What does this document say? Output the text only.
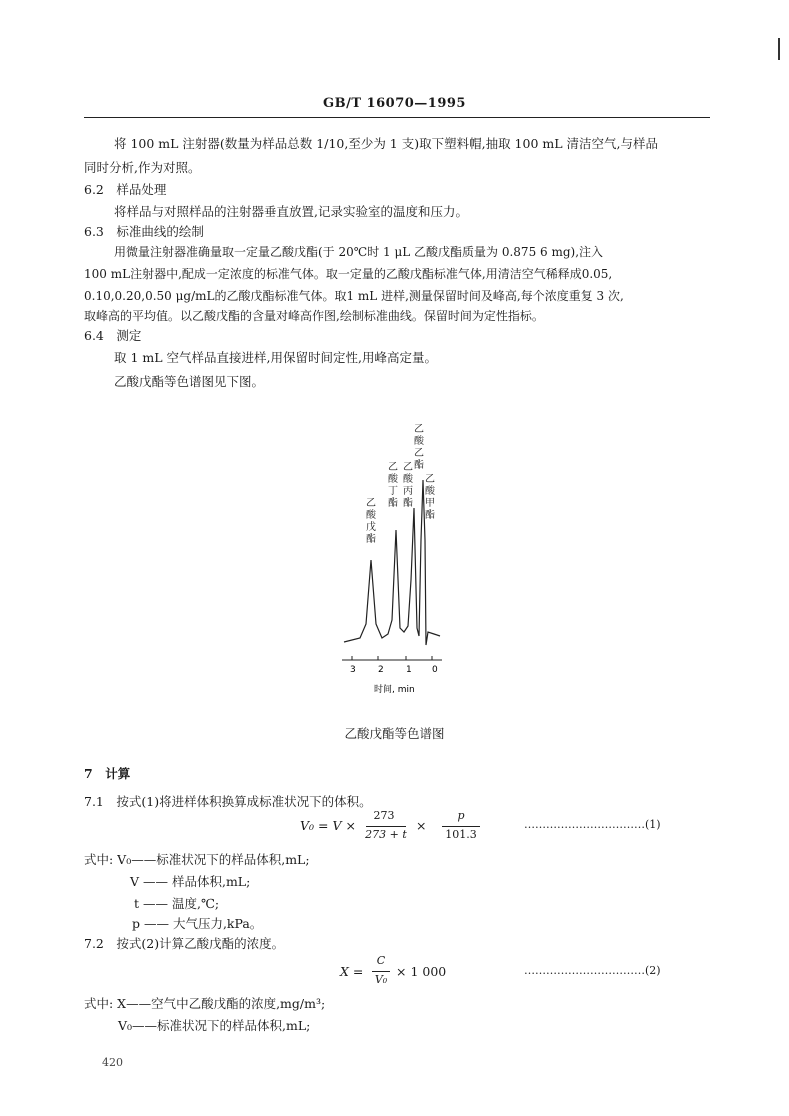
GB/T 16070—1995
将 100 mL 注射器(数量为样品总数 1/10,至少为 1 支)取下塑料帽,抽取 100 mL 清洁空气,与样品
同时分析,作为对照。
6.2　样品处理
将样品与对照样品的注射器垂直放置,记录实验室的温度和压力。
6.3　标准曲线的绘制
用微量注射器准确量取一定量乙酸戊酯(于 20℃时 1 μL 乙酸戊酯质量为 0.875 6 mg),注入
100 mL注射器中,配成一定浓度的标准气体。取一定量的乙酸戊酯标准气体,用清洁空气稀释成0.05,
0.10,0.20,0.50 μg/mL的乙酸戊酯标准气体。取1 mL 进样,测量保留时间及峰高,每个浓度重复 3 次,
取峰高的平均值。以乙酸戊酯的含量对峰高作图,绘制标准曲线。保留时间为定性指标。
6.4　测定
取 1 mL 空气样品直接进样,用保留时间定性,用峰高定量。
乙酸戊酯等色谱图见下图。
3 2 1 0
时间, min
乙酸戊酯
乙酸丁酯
乙酸丙酯
乙酸乙酯
乙酸甲酯
乙酸戊酯等色谱图
7　计算
7.1　按式(1)将进样体积换算成标准状况下的体积。
V₀ = V ×
273
273 + t
×
p
101.3
……………………………(1)
式中: V₀——标准状况下的样品体积,mL;
V —— 样品体积,mL;
t —— 温度,℃;
p —— 大气压力,kPa。
7.2　按式(2)计算乙酸戊酯的浓度。
X =
C
V₀
× 1 000	……………………………(2)
式中: X——空气中乙酸戊酯的浓度,mg/m³;
V₀——标准状况下的样品体积,mL;
420
